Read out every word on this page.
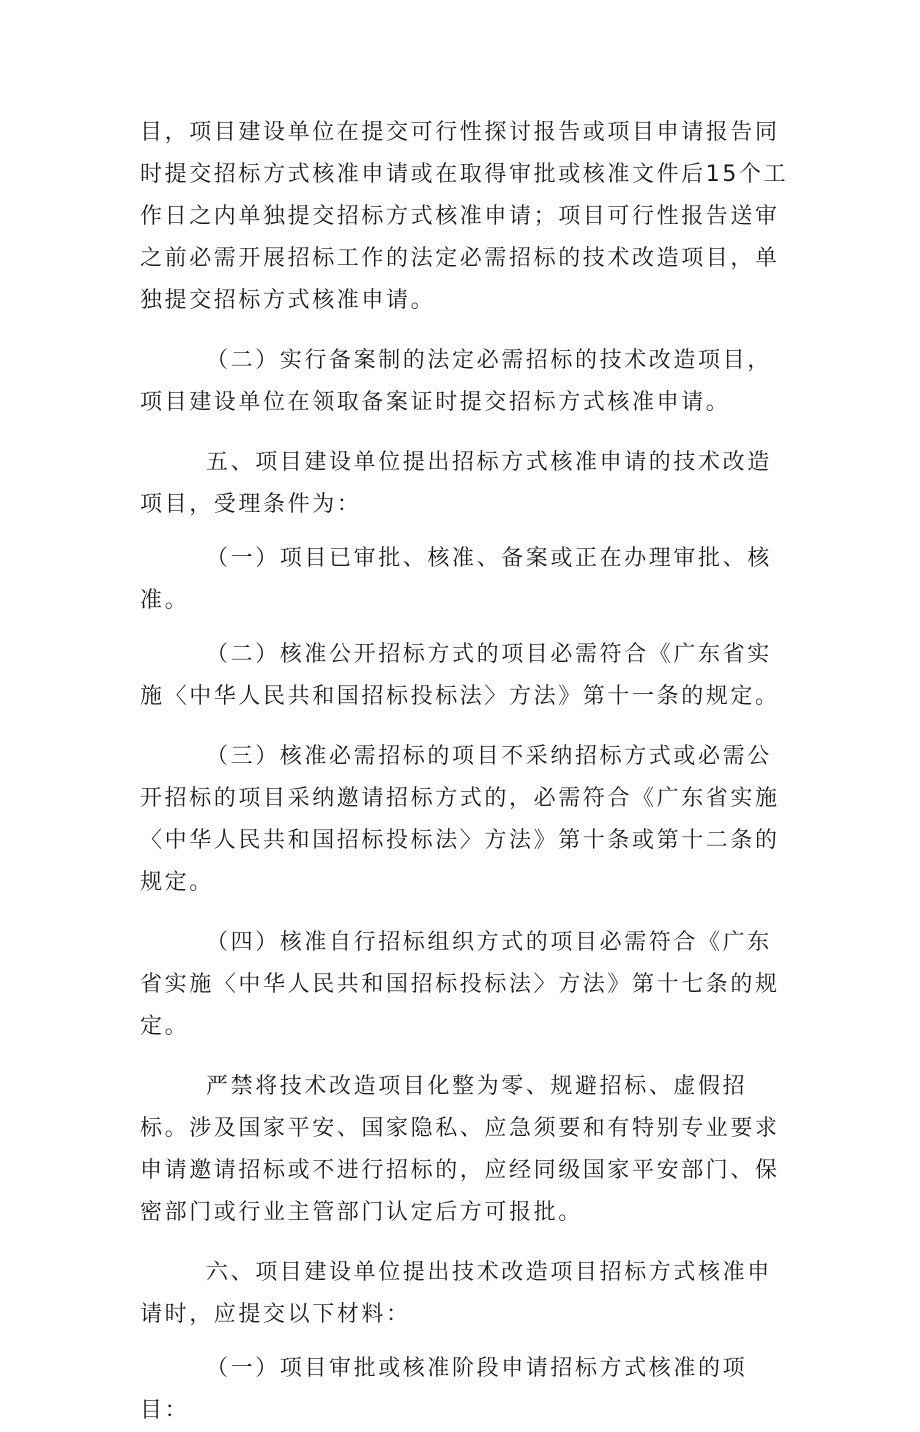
目，项目建设单位在提交可行性探讨报告或项目申请报告同时提交招标方式核准申请或在取得审批或核准文件后15个工作日之内单独提交招标方式核准申请；项目可行性报告送审之前必需开展招标工作的法定必需招标的技术改造项目，单独提交招标方式核准申请。

（二）实行备案制的法定必需招标的技术改造项目，项目建设单位在领取备案证时提交招标方式核准申请。

五、项目建设单位提出招标方式核准申请的技术改造项目，受理条件为：

（一）项目已审批、核准、备案或正在办理审批、核准。

（二）核准公开招标方式的项目必需符合《广东省实施〈中华人民共和国招标投标法〉方法》第十一条的规定。

（三）核准必需招标的项目不采纳招标方式或必需公开招标的项目采纳邀请招标方式的，必需符合《广东省实施〈中华人民共和国招标投标法〉方法》第十条或第十二条的规定。

（四）核准自行招标组织方式的项目必需符合《广东省实施〈中华人民共和国招标投标法〉方法》第十七条的规定。

严禁将技术改造项目化整为零、规避招标、虚假招标。涉及国家平安、国家隐私、应急须要和有特别专业要求申请邀请招标或不进行招标的，应经同级国家平安部门、保密部门或行业主管部门认定后方可报批。

六、项目建设单位提出技术改造项目招标方式核准申请时，应提交以下材料：

（一）项目审批或核准阶段申请招标方式核准的项目：
